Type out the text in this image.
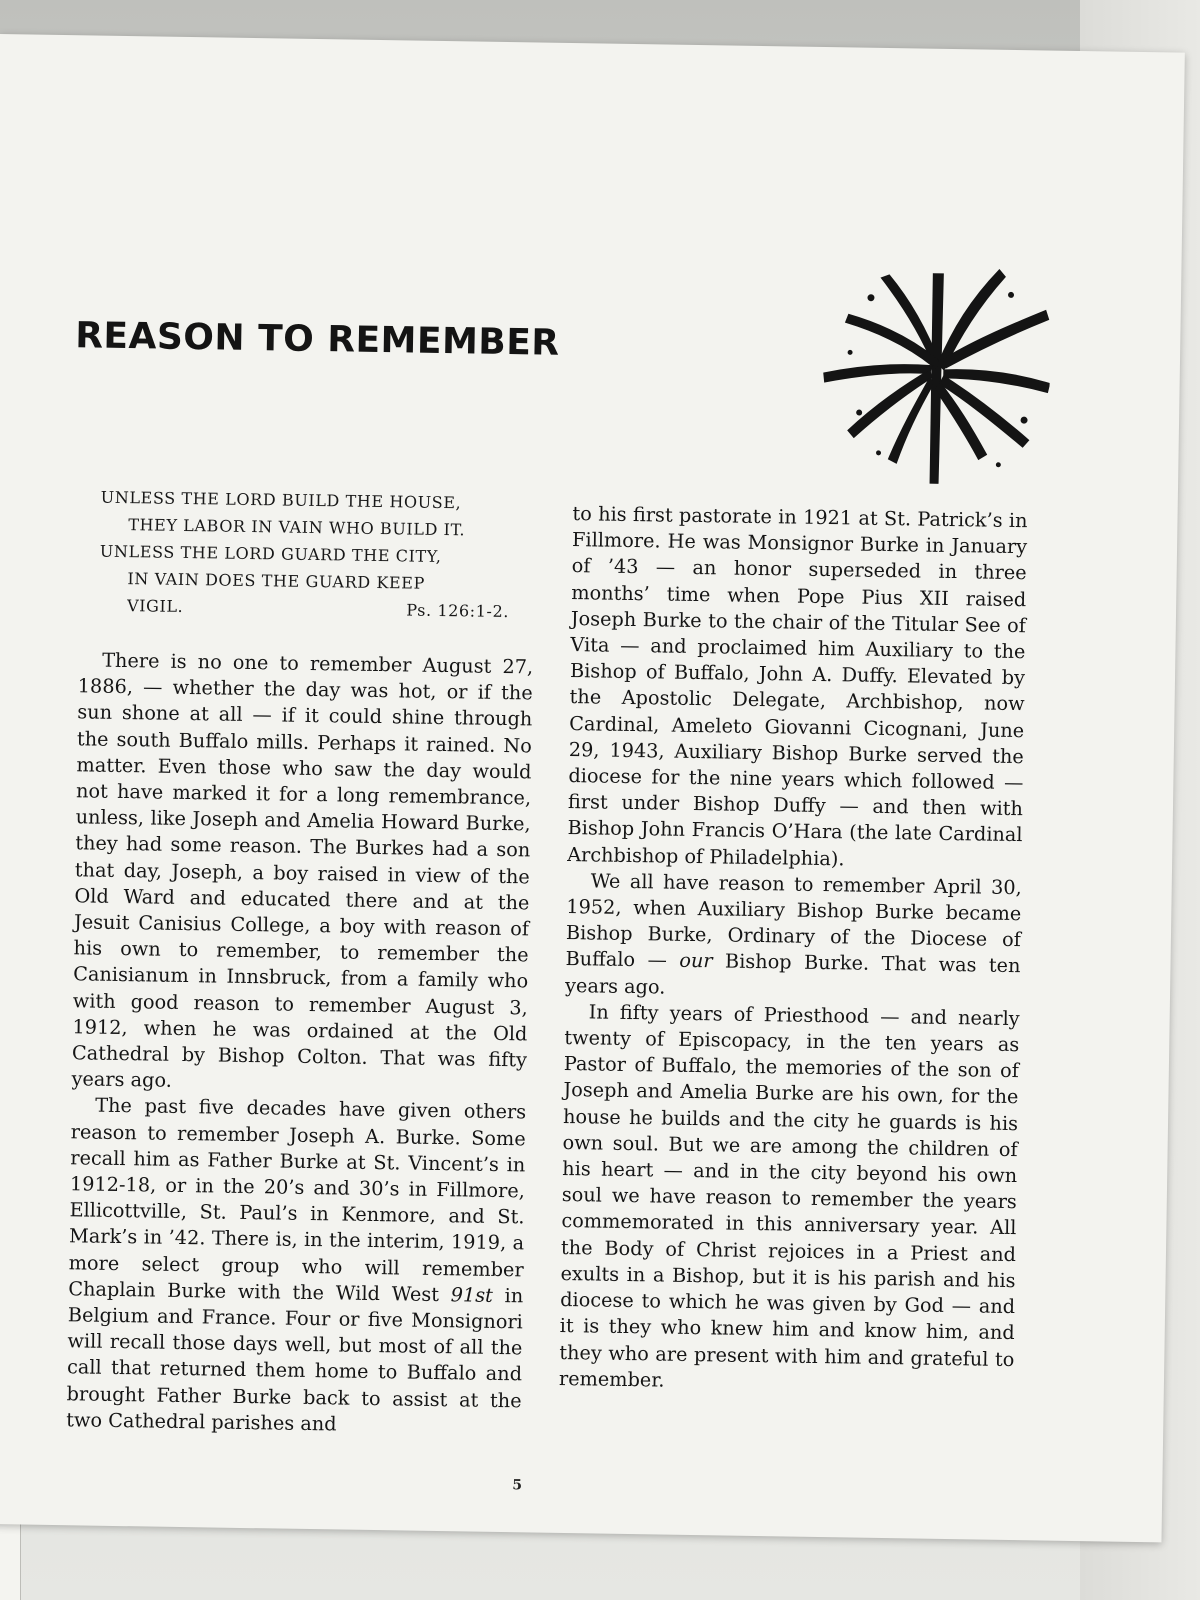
REASON TO REMEMBER
UNLESS THE LORD BUILD THE HOUSE,
THEY LABOR IN VAIN WHO BUILD IT.
UNLESS THE LORD GUARD THE CITY,
IN VAIN DOES THE GUARD KEEP
VIGIL.	Ps. 126:1-2.

There is no one to remember August 27, 1886, — whether the day was hot, or if the sun shone at all — if it could shine through the south Buffalo mills. Perhaps it rained. No matter. Even those who saw the day would not have marked it for a long remembrance, unless, like Joseph and Amelia Howard Burke, they had some reason. The Burkes had a son that day, Joseph, a boy raised in view of the Old Ward and educated there and at the Jesuit Canisius College, a boy with reason of his own to remember, to remember the Canisianum in Innsbruck, from a family who with good reason to remember August 3, 1912, when he was ordained at the Old Cathedral by Bishop Colton. That was fifty years ago.

The past five decades have given others reason to remember Joseph A. Burke. Some recall him as Father Burke at St. Vincent’s in 1912-18, or in the 20’s and 30’s in Fillmore, Ellicottville, St. Paul’s in Kenmore, and St. Mark’s in ’42. There is, in the interim, 1919, a more select group who will remember Chaplain Burke with the Wild West 91st in Belgium and France. Four or five Monsignori will recall those days well, but most of all the call that returned them home to Buffalo and brought Father Burke back to assist at the two Cathedral parishes and

to his first pastorate in 1921 at St. Patrick’s in Fillmore. He was Monsignor Burke in January of ’43 — an honor superseded in three months’ time when Pope Pius XII raised Joseph Burke to the chair of the Titular See of Vita — and proclaimed him Auxiliary to the Bishop of Buffalo, John A. Duffy. Elevated by the Apostolic Delegate, Archbishop, now Cardinal, Ameleto Giovanni Cicognani, June 29, 1943, Auxiliary Bishop Burke served the diocese for the nine years which followed — first under Bishop Duffy — and then with Bishop John Francis O’Hara (the late Cardinal Archbishop of Philadelphia).

We all have reason to remember April 30, 1952, when Auxiliary Bishop Burke became Bishop Burke, Ordinary of the Diocese of Buffalo — our Bishop Burke. That was ten years ago.

In fifty years of Priesthood — and nearly twenty of Episcopacy, in the ten years as Pastor of Buffalo, the memories of the son of Joseph and Amelia Burke are his own, for the house he builds and the city he guards is his own soul. But we are among the children of his heart — and in the city beyond his own soul we have reason to remember the years commemorated in this anniversary year. All the Body of Christ rejoices in a Priest and exults in a Bishop, but it is his parish and his diocese to which he was given by God — and it is they who knew him and know him, and they who are present with him and grateful to remember.

5
